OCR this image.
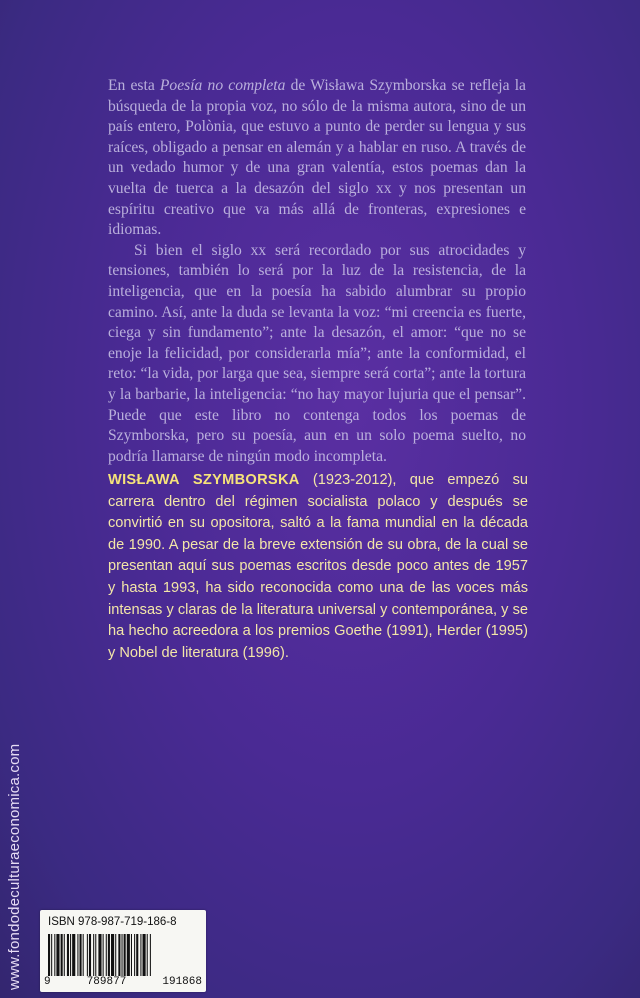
En esta Poesía no completa de Wisława Szymborska se refleja la búsqueda de la propia voz, no sólo de la misma autora, sino de un país entero, Polònia, que estuvo a punto de perder su lengua y sus raíces, obligado a pensar en alemán y a hablar en ruso. A través de un vedado humor y de una gran valentía, estos poemas dan la vuelta de tuerca a la desazón del siglo xx y nos presentan un espíritu creativo que va más allá de fronteras, expresiones e idiomas.

Si bien el siglo xx será recordado por sus atrocidades y tensiones, también lo será por la luz de la resistencia, de la inteligencia, que en la poesía ha sabido alumbrar su propio camino. Así, ante la duda se levanta la voz: “mi creencia es fuerte, ciega y sin fundamento”; ante la desazón, el amor: “que no se enoje la felicidad, por considerarla mía”; ante la conformidad, el reto: “la vida, por larga que sea, siempre será corta”; ante la tortura y la barbarie, la inteligencia: “no hay mayor lujuria que el pensar”. Puede que este libro no contenga todos los poemas de Szymborska, pero su poesía, aun en un solo poema suelto, no podría llamarse de ningún modo incompleta.

WISŁAWA SZYMBORSKA (1923-2012), que empezó su carrera dentro del régimen socialista polaco y después se convirtió en su opositora, saltó a la fama mundial en la década de 1990. A pesar de la breve extensión de su obra, de la cual se presentan aquí sus poemas escritos desde poco antes de 1957 y hasta 1993, ha sido reconocida como una de las voces más intensas y claras de la literatura universal y contemporánea, y se ha hecho acreedora a los premios Goethe (1991), Herder (1995) y Nobel de literatura (1996).
www.fondodeculturaeconomica.com ISBN 978-987-719-186-8
9	789877	191868
